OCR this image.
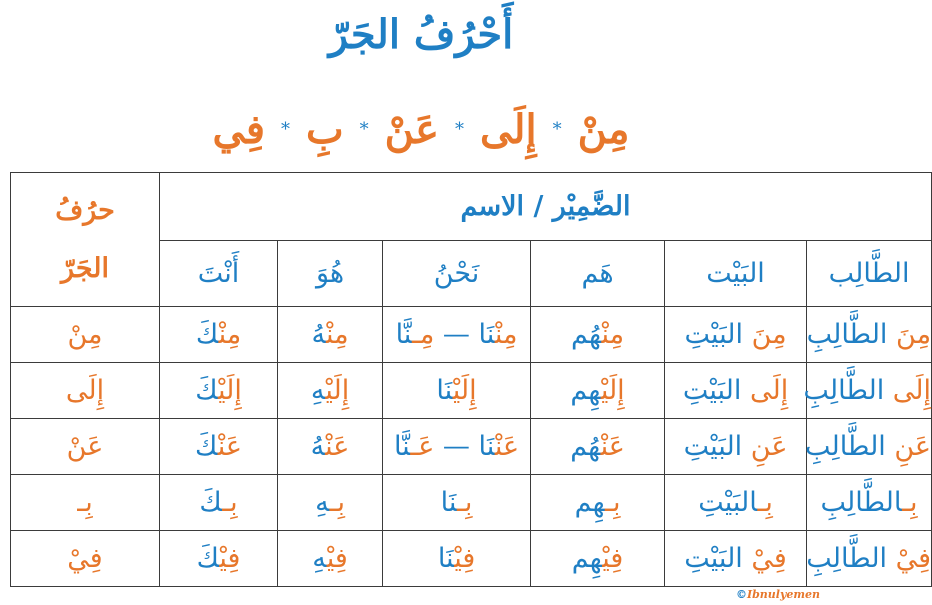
أَحْرُفُ الجَرّ
مِنْ
*
إِلَى
*
عَنْ
*
بِ
*
فِي
الضَّمِيْر / الاسم						حرُفُ
الجَرّ

الطَّالِب	البَيْت	هَم	نَحْنُ	هُوَ	أَنْتَ	
مِنَ الطَّالِبِ	مِنَ البَيْتِ	مِنْهُم	مِنْنَا — مِـنَّا	مِنْهُ	مِنْكَ	مِنْ
إِلَى الطَّالِبِ	إِلَى البَيْتِ	إِلَيْهِم	إِلَيْنَا	إِلَيْهِ	إِلَيْكَ	إِلَى
عَنِ الطَّالِبِ	عَنِ البَيْتِ	عَنْهُم	عَنْنَا — عَـنَّا	عَنْهُ	عَنْكَ	عَنْ
بِـالطَّالِبِ	بِـالبَيْتِ	بِـهِم	بِـنَا	بِـهِ	بِـكَ	بِـ
فِيْ الطَّالِبِ	فِيْ البَيْتِ	فِيْهِم	فِيْنَا	فِيْهِ	فِيْكَ	فِيْ
©Ibnulyemen
